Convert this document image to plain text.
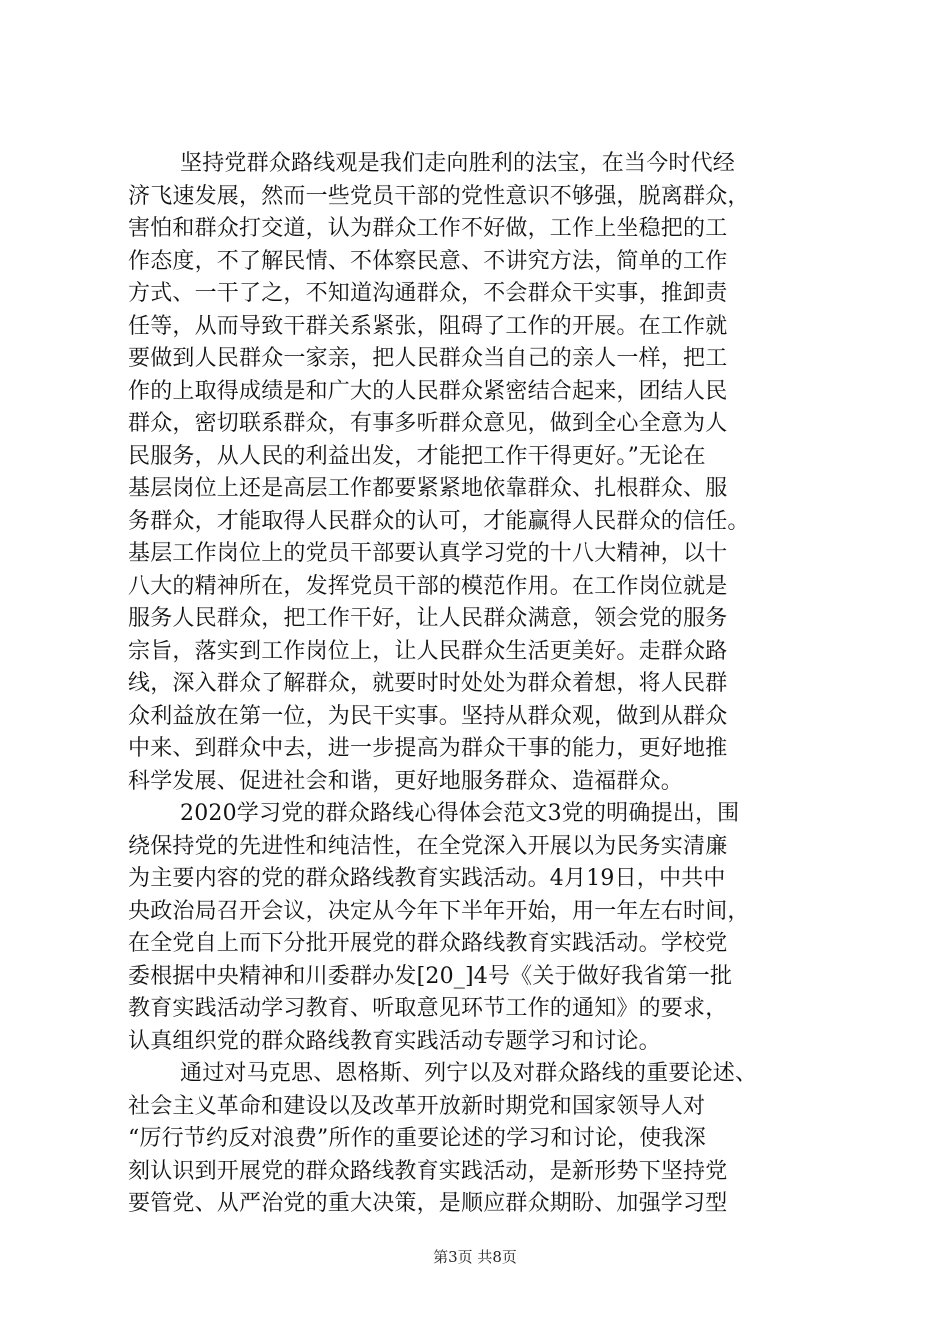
坚持党群众路线观是我们走向胜利的法宝，在当今时代经
济飞速发展，然而一些党员干部的党性意识不够强，脱离群众，
害怕和群众打交道，认为群众工作不好做，工作上坐稳把的工
作态度，不了解民情、不体察民意、不讲究方法，简单的工作
方式、一干了之，不知道沟通群众，不会群众干实事，推卸责
任等，从而导致干群关系紧张，阻碍了工作的开展。在工作就
要做到人民群众一家亲，把人民群众当自己的亲人一样，把工
作的上取得成绩是和广大的人民群众紧密结合起来，团结人民
群众，密切联系群众，有事多听群众意见，做到全心全意为人
民服务，从人民的利益出发，才能把工作干得更好。”无论在
基层岗位上还是高层工作都要紧紧地依靠群众、扎根群众、服
务群众，才能取得人民群众的认可，才能赢得人民群众的信任。
基层工作岗位上的党员干部要认真学习党的十八大精神，以十
八大的精神所在，发挥党员干部的模范作用。在工作岗位就是
服务人民群众，把工作干好，让人民群众满意，领会党的服务
宗旨，落实到工作岗位上，让人民群众生活更美好。走群众路
线，深入群众了解群众，就要时时处处为群众着想，将人民群
众利益放在第一位，为民干实事。坚持从群众观，做到从群众
中来、到群众中去，进一步提高为群众干事的能力，更好地推
科学发展、促进社会和谐，更好地服务群众、造福群众。
2020学习党的群众路线心得体会范文3党的明确提出，围
绕保持党的先进性和纯洁性，在全党深入开展以为民务实清廉
为主要内容的党的群众路线教育实践活动。4月19日，中共中
央政治局召开会议，决定从今年下半年开始，用一年左右时间，
在全党自上而下分批开展党的群众路线教育实践活动。学校党
委根据中央精神和川委群办发[20_]4号《关于做好我省第一批
教育实践活动学习教育、听取意见环节工作的通知》的要求，
认真组织党的群众路线教育实践活动专题学习和讨论。
通过对马克思、恩格斯、列宁以及对群众路线的重要论述、
社会主义革命和建设以及改革开放新时期党和国家领导人对
“厉行节约反对浪费”所作的重要论述的学习和讨论，使我深
刻认识到开展党的群众路线教育实践活动，是新形势下坚持党
要管党、从严治党的重大决策，是顺应群众期盼、加强学习型
第3页 共8页
